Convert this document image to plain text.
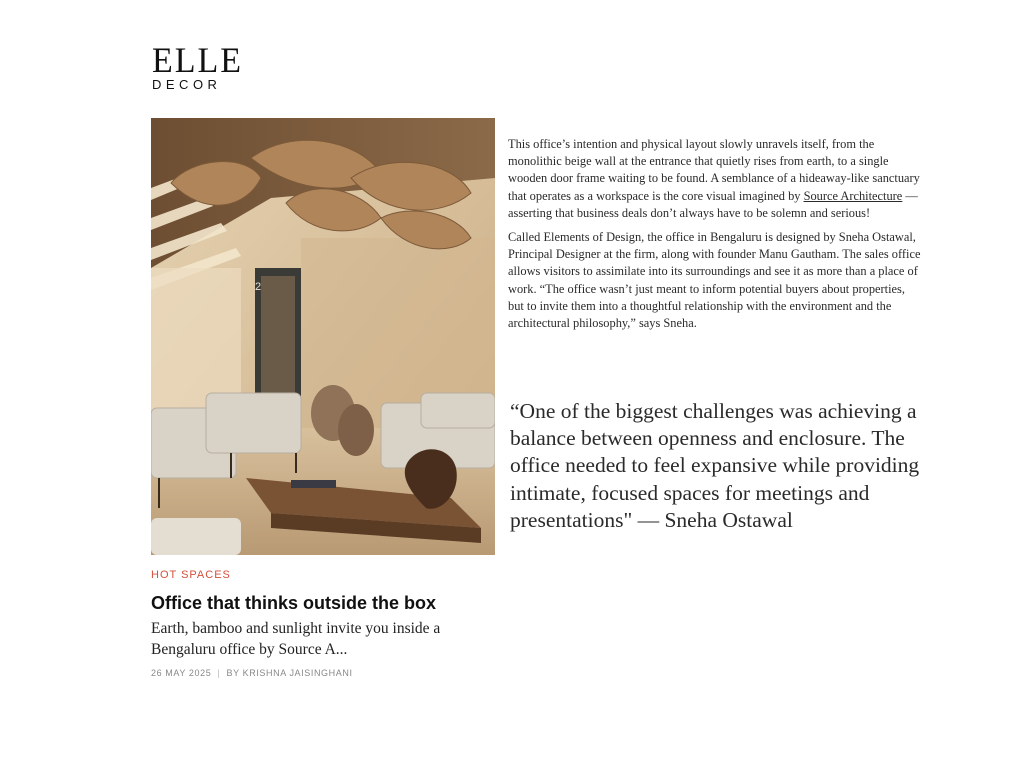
ELLE
DECOR
2
HOT SPACES
Office that thinks outside the box
Earth, bamboo and sunlight invite you inside a Bengaluru office by Source A...
26 MAY 2025 | BY KRISHNA JAISINGHANI

This office’s intention and physical layout slowly unravels itself, from the monolithic beige wall at the entrance that quietly rises from earth, to a single wooden door frame waiting to be found. A semblance of a hideaway-like sanctuary that operates as a workspace is the core visual imagined by Source Architecture — asserting that business deals don’t always have to be solemn and serious!

Called Elements of Design, the office in Bengaluru is designed by Sneha Ostawal, Principal Designer at the firm, along with founder Manu Gautham. The sales office allows visitors to assimilate into its surroundings and see it as more than a place of work. “The office wasn’t just meant to inform potential buyers about properties, but to invite them into a thoughtful relationship with the environment and the architectural philosophy,” says Sneha.

“One of the biggest challenges was achieving a balance between openness and enclosure. The office needed to feel expansive while providing intimate, focused spaces for meetings and presentations" — Sneha Ostawal
